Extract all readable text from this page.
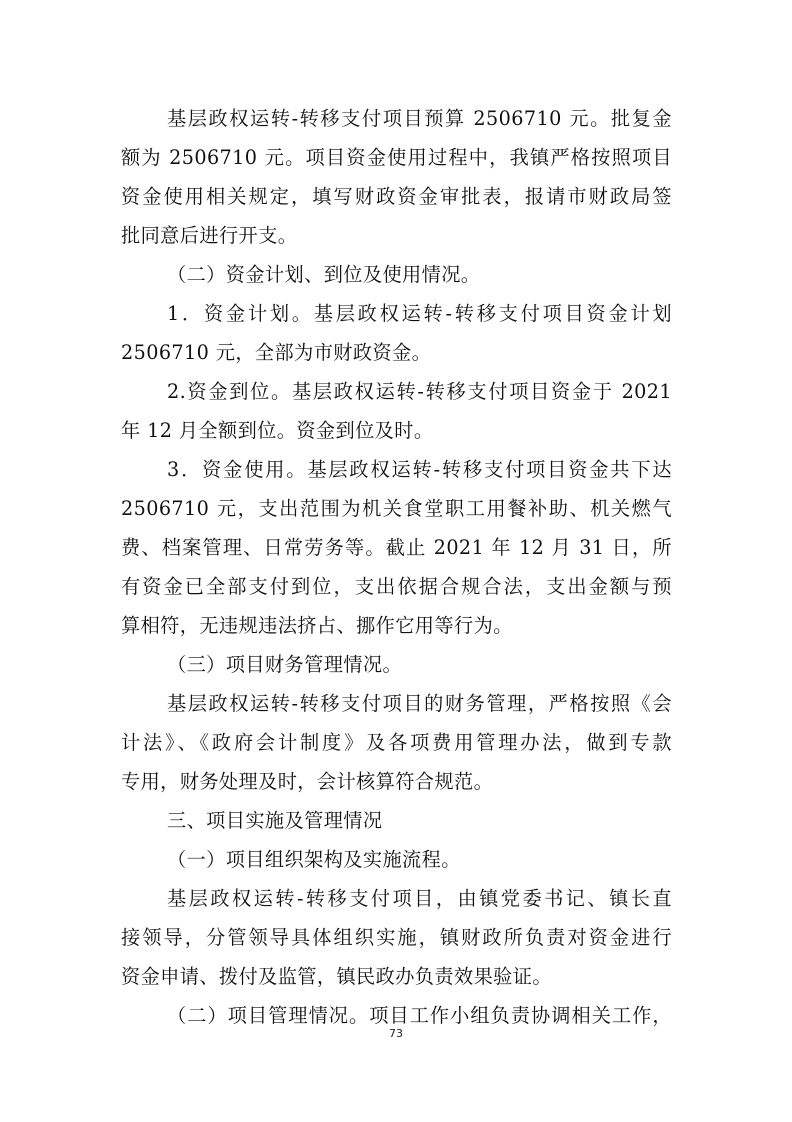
基层政权运转-转移支付项目预算 2506710 元。批复金
额为 2506710 元。项目资金使用过程中，我镇严格按照项目
资金使用相关规定，填写财政资金审批表，报请市财政局签
批同意后进行开支。
（二）资金计划、到位及使用情况。
1．资金计划。基层政权运转-转移支付项目资金计划
2506710 元，全部为市财政资金。
2.资金到位。基层政权运转-转移支付项目资金于 2021
年 12 月全额到位。资金到位及时。
3．资金使用。基层政权运转-转移支付项目资金共下达
2506710 元，支出范围为机关食堂职工用餐补助、机关燃气
费、档案管理、日常劳务等。截止 2021 年 12 月 31 日，所
有资金已全部支付到位，支出依据合规合法，支出金额与预
算相符，无违规违法挤占、挪作它用等行为。
（三）项目财务管理情况。
基层政权运转-转移支付项目的财务管理，严格按照《会
计法》、《政府会计制度》及各项费用管理办法，做到专款
专用，财务处理及时，会计核算符合规范。
三、项目实施及管理情况
（一）项目组织架构及实施流程。
基层政权运转-转移支付项目，由镇党委书记、镇长直
接领导，分管领导具体组织实施，镇财政所负责对资金进行
资金申请、拨付及监管，镇民政办负责效果验证。
（二）项目管理情况。项目工作小组负责协调相关工作，
73
